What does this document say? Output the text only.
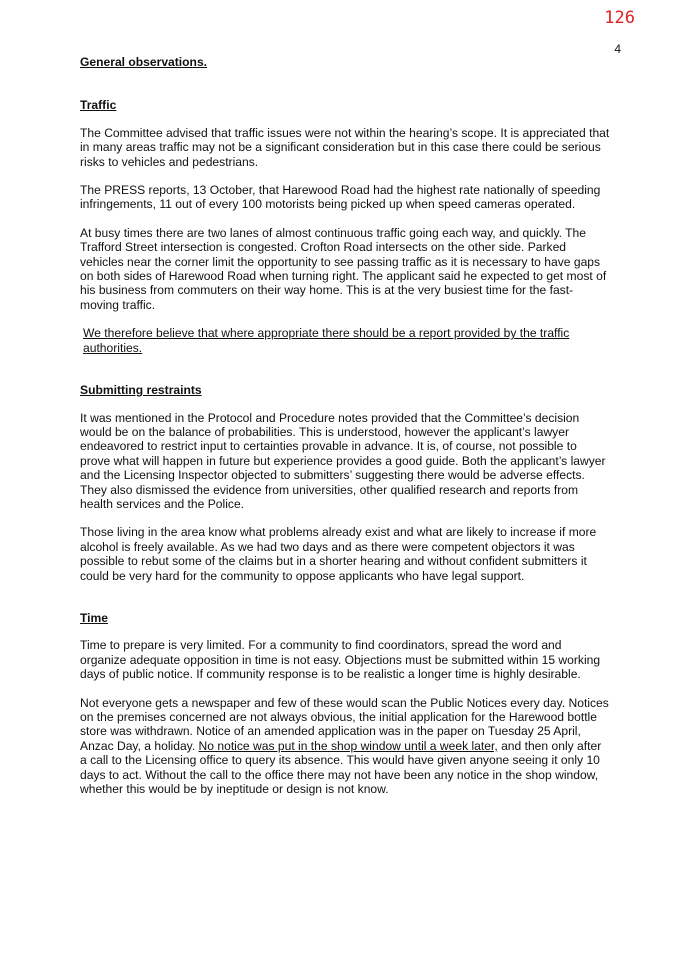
126
4

General observations.

Traffic

The Committee advised that traffic issues were not within the hearing’s scope. It is appreciated that in many areas traffic may not be a significant consideration but in this case there could be serious risks to vehicles and pedestrians.

The PRESS reports, 13 October, that Harewood Road had the highest rate nationally of speeding infringements, 11 out of every 100 motorists being picked up when speed cameras operated.

At busy times there are two lanes of almost continuous traffic going each way, and quickly. The Trafford Street intersection is congested. Crofton Road intersects on the other side. Parked vehicles near the corner limit the opportunity to see passing traffic as it is necessary to have gaps on both sides of Harewood Road when turning right. The applicant said he expected to get most of his business from commuters on their way home. This is at the very busiest time for the fast-moving traffic.

We therefore believe that where appropriate there should be a report provided by the traffic authorities.

Submitting restraints

It was mentioned in the Protocol and Procedure notes provided that the Committee’s decision would be on the balance of probabilities. This is understood, however the applicant’s lawyer endeavored to restrict input to certainties provable in advance. It is, of course, not possible to prove what will happen in future but experience provides a good guide. Both the applicant’s lawyer and the Licensing Inspector objected to submitters’ suggesting there would be adverse effects. They also dismissed the evidence from universities, other qualified research and reports from health services and the Police.

Those living in the area know what problems already exist and what are likely to increase if more alcohol is freely available. As we had two days and as there were competent objectors it was possible to rebut some of the claims but in a shorter hearing and without confident submitters it could be very hard for the community to oppose applicants who have legal support.

Time

Time to prepare is very limited. For a community to find coordinators, spread the word and organize adequate opposition in time is not easy. Objections must be submitted within 15 working days of public notice. If community response is to be realistic a longer time is highly desirable.

Not everyone gets a newspaper and few of these would scan the Public Notices every day. Notices on the premises concerned are not always obvious, the initial application for the Harewood bottle store was withdrawn. Notice of an amended application was in the paper on Tuesday 25 April, Anzac Day, a holiday. No notice was put in the shop window until a week later, and then only after a call to the Licensing office to query its absence. This would have given anyone seeing it only 10 days to act. Without the call to the office there may not have been any notice in the shop window, whether this would be by ineptitude or design is not know.
